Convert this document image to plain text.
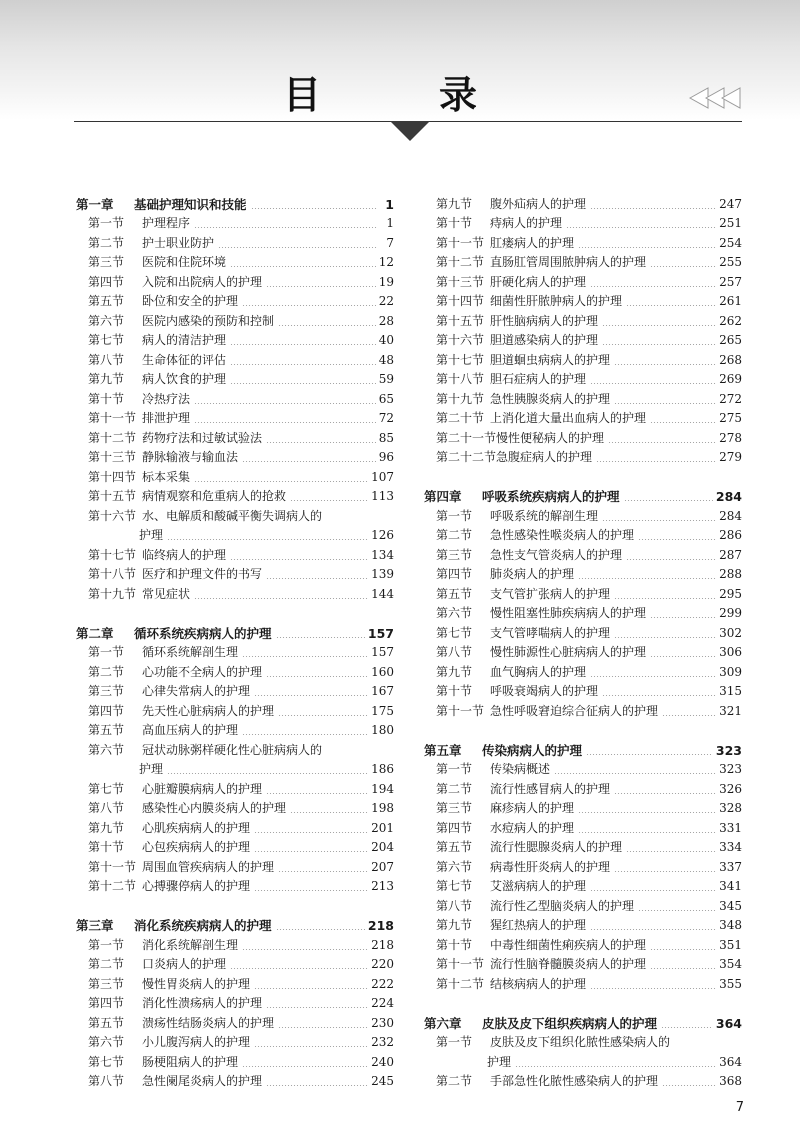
目　录
第一章	基础护理知识和技能	1
第一节	护理程序	1
第二节	护士职业防护	7
第三节	医院和住院环境	12
第四节	入院和出院病人的护理	19
第五节	卧位和安全的护理	22
第六节	医院内感染的预防和控制	28
第七节	病人的清洁护理	40
第八节	生命体征的评估	48
第九节	病人饮食的护理	59
第十节	冷热疗法	65
第十一节 排泄护理	72
第十二节 药物疗法和过敏试验法	85
第十三节 静脉输液与输血法	96
第十四节 标本采集	107
第十五节 病情观察和危重病人的抢救	113
第十六节 水、电解质和酸碱平衡失调病人的
护理	126
第十七节 临终病人的护理	134
第十八节 医疗和护理文件的书写	139
第十九节 常见症状	144
第二章	循环系统疾病病人的护理	157
第一节	循环系统解剖生理	157
第二节	心功能不全病人的护理	160
第三节	心律失常病人的护理	167
第四节	先天性心脏病病人的护理	175
第五节	高血压病人的护理	180
第六节	冠状动脉粥样硬化性心脏病病人的
护理	186
第七节	心脏瓣膜病病人的护理	194
第八节	感染性心内膜炎病人的护理	198
第九节	心肌疾病病人的护理	201
第十节	心包疾病病人的护理	204
第十一节 周围血管疾病病人的护理	207
第十二节 心搏骤停病人的护理	213
第三章	消化系统疾病病人的护理	218
第一节	消化系统解剖生理	218
第二节	口炎病人的护理	220
第三节	慢性胃炎病人的护理	222
第四节	消化性溃疡病人的护理	224
第五节	溃疡性结肠炎病人的护理	230
第六节	小儿腹泻病人的护理	232
第七节	肠梗阻病人的护理	240
第八节	急性阑尾炎病人的护理	245
第九节	腹外疝病人的护理	247
第十节	痔病人的护理	251
第十一节 肛瘘病人的护理	254
第十二节 直肠肛管周围脓肿病人的护理	255
第十三节 肝硬化病人的护理	257
第十四节 细菌性肝脓肿病人的护理	261
第十五节 肝性脑病病人的护理	262
第十六节 胆道感染病人的护理	265
第十七节 胆道蛔虫病病人的护理	268
第十八节 胆石症病人的护理	269
第十九节 急性胰腺炎病人的护理	272
第二十节 上消化道大量出血病人的护理	275
第二十一节 慢性便秘病人的护理	278
第二十二节 急腹症病人的护理	279
第四章	呼吸系统疾病病人的护理	284
第一节	呼吸系统的解剖生理	284
第二节	急性感染性喉炎病人的护理	286
第三节	急性支气管炎病人的护理	287
第四节	肺炎病人的护理	288
第五节	支气管扩张病人的护理	295
第六节	慢性阻塞性肺疾病病人的护理	299
第七节	支气管哮喘病人的护理	302
第八节	慢性肺源性心脏病病人的护理	306
第九节	血气胸病人的护理	309
第十节	呼吸衰竭病人的护理	315
第十一节 急性呼吸窘迫综合征病人的护理	321
第五章	传染病病人的护理	323
第一节	传染病概述	323
第二节	流行性感冒病人的护理	326
第三节	麻疹病人的护理	328
第四节	水痘病人的护理	331
第五节	流行性腮腺炎病人的护理	334
第六节	病毒性肝炎病人的护理	337
第七节	艾滋病病人的护理	341
第八节	流行性乙型脑炎病人的护理	345
第九节	猩红热病人的护理	348
第十节	中毒性细菌性痢疾病人的护理	351
第十一节 流行性脑脊髓膜炎病人的护理	354
第十二节 结核病病人的护理	355
第六章	皮肤及皮下组织疾病病人的护理	364
第一节	皮肤及皮下组织化脓性感染病人的
护理	364
第二节	手部急性化脓性感染病人的护理	368
7
